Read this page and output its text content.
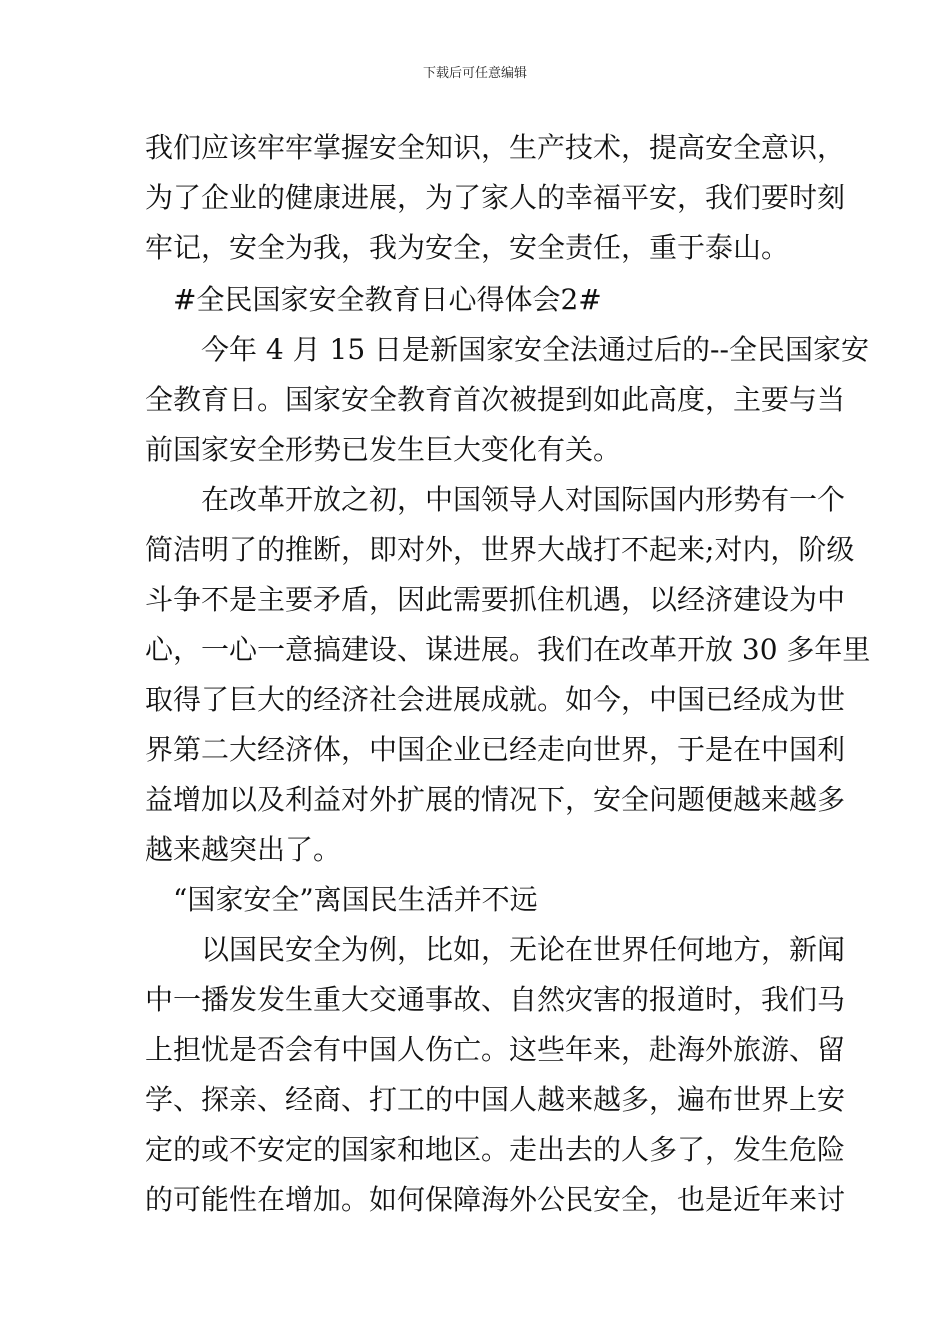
下载后可任意编辑
我们应该牢牢掌握安全知识，生产技术，提高安全意识，
为了企业的健康进展，为了家人的幸福平安，我们要时刻
牢记，安全为我，我为安全，安全责任，重于泰山。
#全民国家安全教育日心得体会2#
今年 4 月 15 日是新国家安全法通过后的--全民国家安
全教育日。国家安全教育首次被提到如此高度，主要与当
前国家安全形势已发生巨大变化有关。
在改革开放之初，中国领导人对国际国内形势有一个
简洁明了的推断，即对外，世界大战打不起来;对内，阶级
斗争不是主要矛盾，因此需要抓住机遇，以经济建设为中
心，一心一意搞建设、谋进展。我们在改革开放 30 多年里
取得了巨大的经济社会进展成就。如今，中国已经成为世
界第二大经济体，中国企业已经走向世界，于是在中国利
益增加以及利益对外扩展的情况下，安全问题便越来越多
越来越突出了。
“国家安全”离国民生活并不远
以国民安全为例，比如，无论在世界任何地方，新闻
中一播发发生重大交通事故、自然灾害的报道时，我们马
上担忧是否会有中国人伤亡。这些年来，赴海外旅游、留
学、探亲、经商、打工的中国人越来越多，遍布世界上安
定的或不安定的国家和地区。走出去的人多了，发生危险
的可能性在增加。如何保障海外公民安全，也是近年来讨
